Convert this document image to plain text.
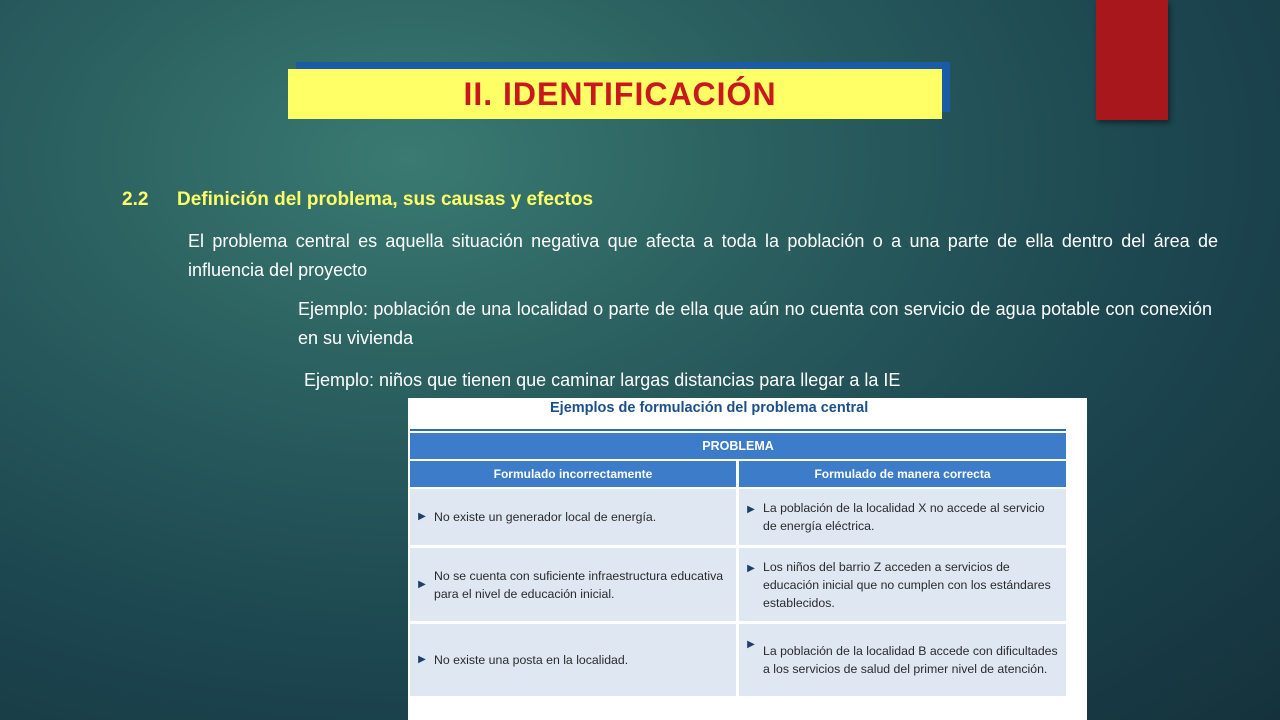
II. IDENTIFICACIÓN
2.2 Definición del problema, sus causas y efectos
El problema central es aquella situación negativa que afecta a toda la población o a una parte de ella dentro del área de influencia del proyecto
Ejemplo: población de una localidad o parte de ella que aún no cuenta con servicio de agua potable con conexión en su vivienda
Ejemplo: niños que tienen que caminar largas distancias para llegar a la IE
Ejemplos de formulación del problema central
PROBLEMA
Formulado incorrectamente	Formulado de manera correcta
▶ No existe un generador local de energía.
▶ La población de la localidad X no accede al servicio de energía eléctrica.
▶
No se cuenta con suficiente infraestructura educativa para el nivel de educación inicial.
▶ Los niños del barrio Z acceden a servicios de educación inicial que no cumplen con los estándares establecidos.
▶ No existe una posta en la localidad.
▶ La población de la localidad B accede con dificultades a los servicios de salud del primer nivel de atención.
